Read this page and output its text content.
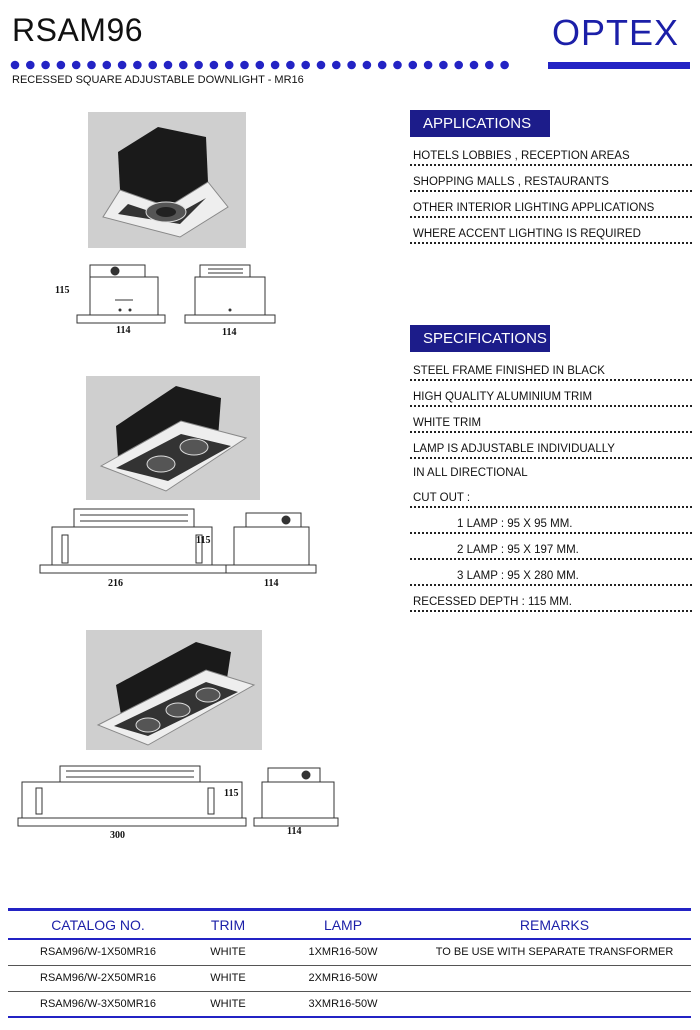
RSAM96	OPTEX
RECESSED SQUARE ADJUSTABLE DOWNLIGHT - MR16
115
114	114
115
216	114
115
300	114
APPLICATIONS
HOTELS LOBBIES , RECEPTION AREAS
SHOPPING MALLS , RESTAURANTS
OTHER INTERIOR LIGHTING APPLICATIONS
WHERE ACCENT LIGHTING IS REQUIRED
SPECIFICATIONS
STEEL FRAME FINISHED IN BLACK
HIGH QUALITY ALUMINIUM TRIM
WHITE TRIM
LAMP IS ADJUSTABLE INDIVIDUALLY
IN ALL DIRECTIONAL
CUT OUT :
1 LAMP : 95 X 95 MM.
2 LAMP : 95 X 197 MM.
3 LAMP : 95 X 280 MM.
RECESSED DEPTH : 115 MM.
CATALOG NO.	TRIM	LAMP	REMARKS
RSAM96/W-1X50MR16	WHITE	1XMR16-50W	TO BE USE WITH SEPARATE TRANSFORMER
RSAM96/W-2X50MR16	WHITE	2XMR16-50W
RSAM96/W-3X50MR16	WHITE	3XMR16-50W
